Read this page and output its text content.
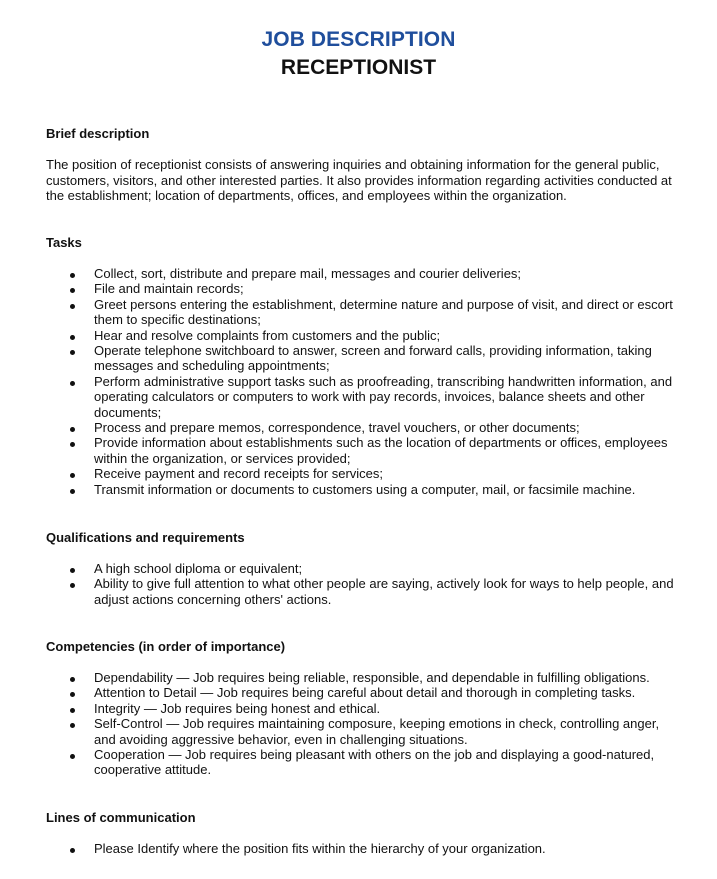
JOB DESCRIPTION
RECEPTIONIST
Brief description

The position of receptionist consists of answering inquiries and obtaining information for the general public, customers, visitors, and other interested parties. It also provides information regarding activities conducted at the establishment; location of departments, offices, and employees within the organization.

Tasks
Collect, sort, distribute and prepare mail, messages and courier deliveries;
File and maintain records;
Greet persons entering the establishment, determine nature and purpose of visit, and direct or escort them to specific destinations;
Hear and resolve complaints from customers and the public;
Operate telephone switchboard to answer, screen and forward calls, providing information, taking messages and scheduling appointments;
Perform administrative support tasks such as proofreading, transcribing handwritten information, and operating calculators or computers to work with pay records, invoices, balance sheets and other documents;
Process and prepare memos, correspondence, travel vouchers, or other documents;
Provide information about establishments such as the location of departments or offices, employees within the organization, or services provided;
Receive payment and record receipts for services;
Transmit information or documents to customers using a computer, mail, or facsimile machine.
Qualifications and requirements
A high school diploma or equivalent;
Ability to give full attention to what other people are saying, actively look for ways to help people, and adjust actions concerning others' actions.
Competencies (in order of importance)
Dependability — Job requires being reliable, responsible, and dependable in fulfilling obligations.
Attention to Detail — Job requires being careful about detail and thorough in completing tasks.
Integrity — Job requires being honest and ethical.
Self-Control — Job requires maintaining composure, keeping emotions in check, controlling anger, and avoiding aggressive behavior, even in challenging situations.
Cooperation — Job requires being pleasant with others on the job and displaying a good-natured, cooperative attitude.
Lines of communication
Please Identify where the position fits within the hierarchy of your organization.
